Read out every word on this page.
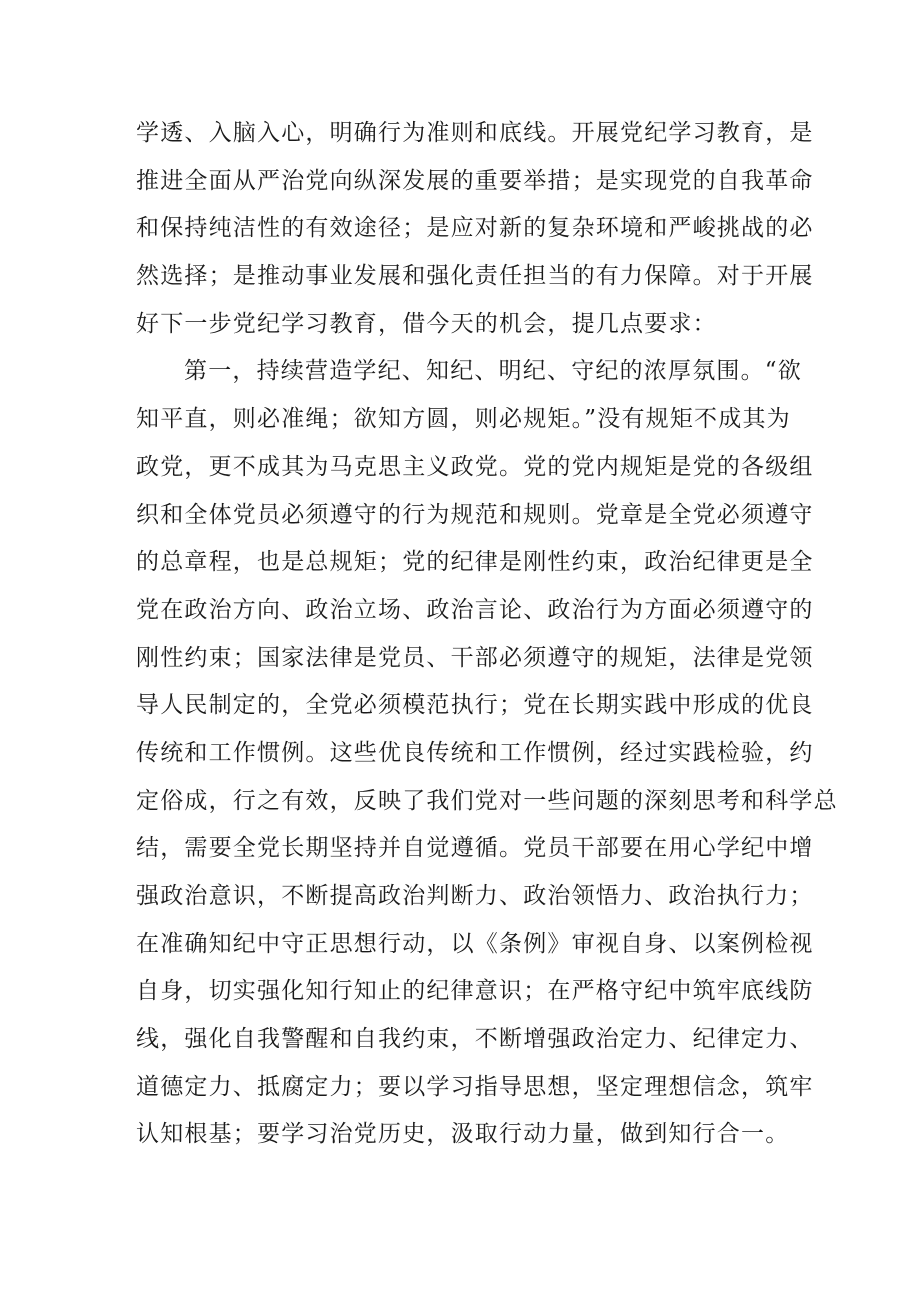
学透、入脑入心，明确行为准则和底线。开展党纪学习教育，是
推进全面从严治党向纵深发展的重要举措；是实现党的自我革命
和保持纯洁性的有效途径；是应对新的复杂环境和严峻挑战的必
然选择；是推动事业发展和强化责任担当的有力保障。对于开展
好下一步党纪学习教育，借今天的机会，提几点要求：
第一，持续营造学纪、知纪、明纪、守纪的浓厚氛围。“欲
知平直，则必准绳；欲知方圆，则必规矩。”没有规矩不成其为
政党，更不成其为马克思主义政党。党的党内规矩是党的各级组
织和全体党员必须遵守的行为规范和规则。党章是全党必须遵守
的总章程，也是总规矩；党的纪律是刚性约束，政治纪律更是全
党在政治方向、政治立场、政治言论、政治行为方面必须遵守的
刚性约束；国家法律是党员、干部必须遵守的规矩，法律是党领
导人民制定的，全党必须模范执行；党在长期实践中形成的优良
传统和工作惯例。这些优良传统和工作惯例，经过实践检验，约
定俗成，行之有效，反映了我们党对一些问题的深刻思考和科学总
结，需要全党长期坚持并自觉遵循。党员干部要在用心学纪中增
强政治意识，不断提高政治判断力、政治领悟力、政治执行力；
在准确知纪中守正思想行动，以《条例》审视自身、以案例检视
自身，切实强化知行知止的纪律意识；在严格守纪中筑牢底线防
线，强化自我警醒和自我约束，不断增强政治定力、纪律定力、
道德定力、抵腐定力；要以学习指导思想，坚定理想信念，筑牢
认知根基；要学习治党历史，汲取行动力量，做到知行合一。
